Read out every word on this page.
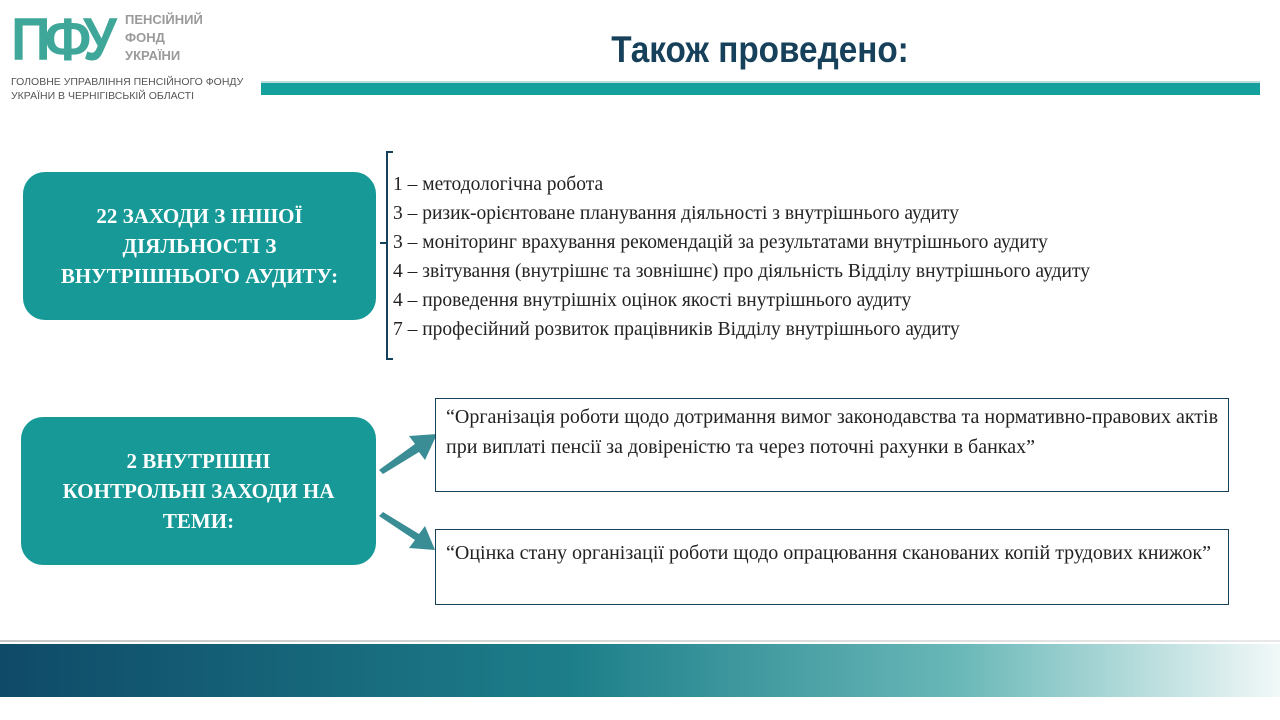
ПФУ ПЕНСІЙНИЙ
ФОНД
УКРАЇНИ
ГОЛОВНЕ УПРАВЛІННЯ ПЕНСІЙНОГО ФОНДУ
УКРАЇНИ В ЧЕРНІГІВСЬКІЙ ОБЛАСТІ
Також проведено:
22 ЗАХОДИ З ІНШОЇ
ДІЯЛЬНОСТІ З
ВНУТРІШНЬОГО АУДИТУ:
1 – методологічна робота
3 – ризик-орієнтоване планування діяльності з внутрішнього аудиту
3 – моніторинг врахування рекомендацій за результатами внутрішнього аудиту
4 – звітування (внутрішнє та зовнішнє) про діяльність Відділу внутрішнього аудиту
4 – проведення внутрішніх оцінок якості внутрішнього аудиту
7 – професійний розвиток працівників Відділу внутрішнього аудиту
2 ВНУТРІШНІ
КОНТРОЛЬНІ ЗАХОДИ НА
ТЕМИ:
“Організація роботи щодо дотримання вимог законодавства та нормативно-правових актів при виплаті пенсії за довіреністю та через поточні рахунки в банках”
“Оцінка стану організації роботи щодо опрацювання сканованих копій трудових книжок”
